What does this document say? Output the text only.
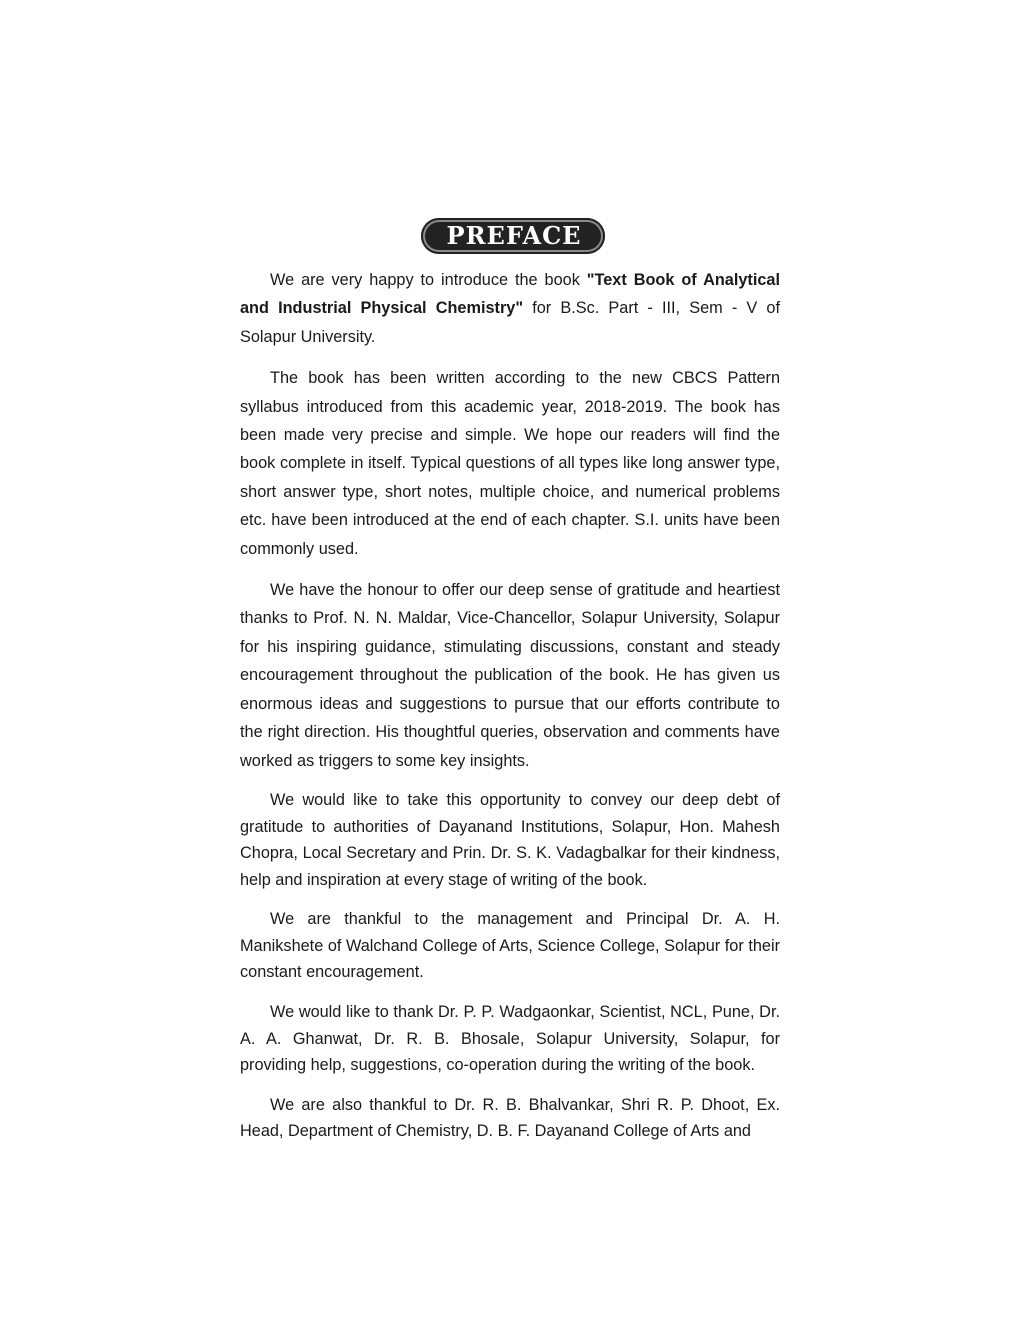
PREFACE

We are very happy to introduce the book "Text Book of Analytical and Industrial Physical Chemistry" for B.Sc. Part - III, Sem - V of Solapur University.

The book has been written according to the new CBCS Pattern syllabus introduced from this academic year, 2018-2019. The book has been made very precise and simple. We hope our readers will find the book complete in itself. Typical questions of all types like long answer type, short answer type, short notes, multiple choice, and numerical problems etc. have been introduced at the end of each chapter. S.I. units have been commonly used.

We have the honour to offer our deep sense of gratitude and heartiest thanks to Prof. N. N. Maldar, Vice-Chancellor, Solapur University, Solapur for his inspiring guidance, stimulating discussions, constant and steady encouragement throughout the publication of the book. He has given us enormous ideas and suggestions to pursue that our efforts contribute to the right direction. His thoughtful queries, observation and comments have worked as triggers to some key insights.

We would like to take this opportunity to convey our deep debt of gratitude to authorities of Dayanand Institutions, Solapur, Hon. Mahesh Chopra, Local Secretary and Prin. Dr. S. K. Vadagbalkar for their kindness, help and inspiration at every stage of writing of the book.

We are thankful to the management and Principal Dr. A. H. Manikshete of Walchand College of Arts, Science College, Solapur for their constant encouragement.

We would like to thank Dr. P. P. Wadgaonkar, Scientist, NCL, Pune, Dr. A. A. Ghanwat, Dr. R. B. Bhosale, Solapur University, Solapur, for providing help, suggestions, co-operation during the writing of the book.

We are also thankful to Dr. R. B. Bhalvankar, Shri R. P. Dhoot, Ex. Head, Department of Chemistry, D. B. F. Dayanand College of Arts and
